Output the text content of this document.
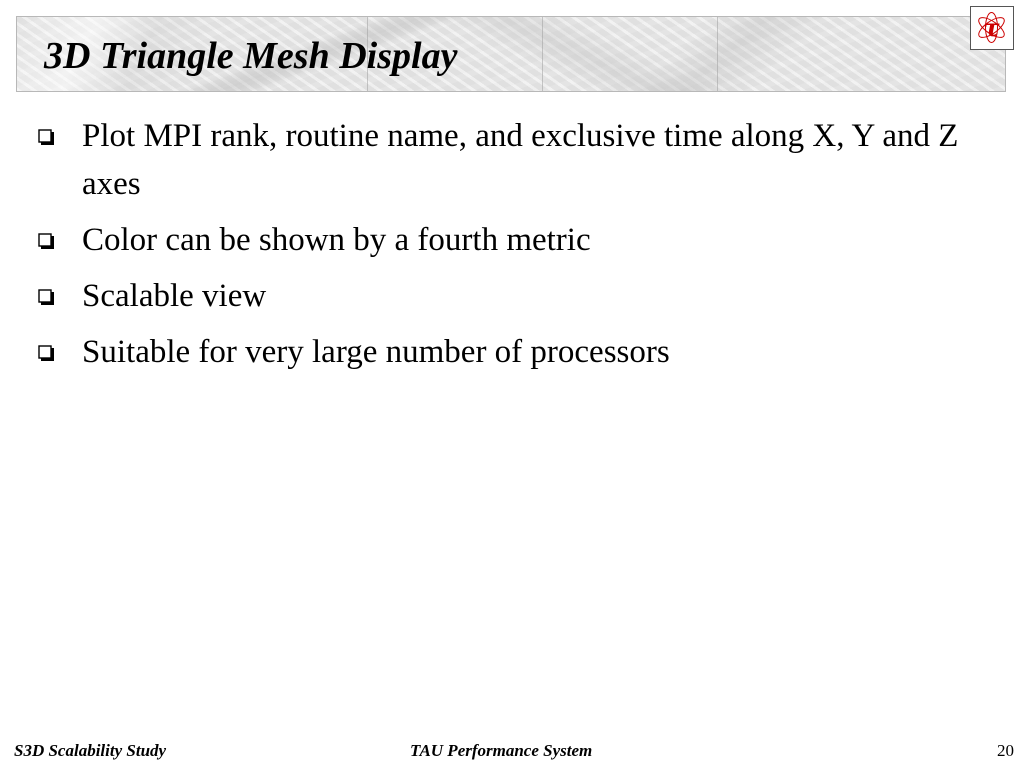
3D Triangle Mesh Display
τ
Plot MPI rank, routine name, and exclusive time along X, Y and Z axes
Color can be shown by a fourth metric
Scalable view
Suitable for very large number of processors
S3D Scalability Study	TAU Performance System	20
